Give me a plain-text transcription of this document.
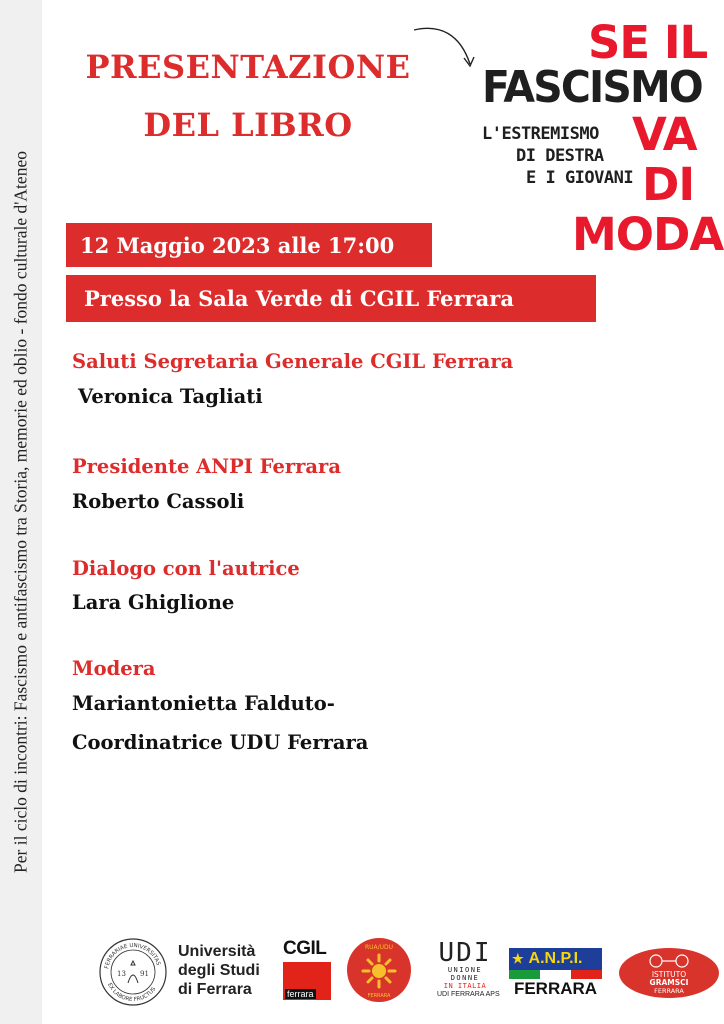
Per il ciclo di incontri: Fascismo e antifascismo tra Storia, memorie ed oblio - fondo culturale d'Ateneo
PRESENTAZIONE
DEL LIBRO
SE IL
FASCISMO
L'ESTREMISMO
DI DESTRA
E I GIOVANI
VA
DI
MODA
12 Maggio 2023 alle 17:00
Presso la Sala Verde di CGIL Ferrara
Saluti Segretaria Generale CGIL Ferrara
Veronica Tagliati
Presidente ANPI Ferrara
Roberto Cassoli
Dialogo con l'autrice
Lara Ghiglione
Modera
Mariantonietta Falduto-
Coordinatrice UDU Ferrara
FERRARIAE UNIVERSITAS
EX LABORE FRUCTUS
13 91
Università
degli Studi
di Ferrara
CGIL
ferrara
RUA/UDU
FERRARA
UDI
UNIONE
DONNE
IN ITALIA
UDI FERRARA APS
★ A.N.P.I.
FERRARA
ISTITUTO
GRAMSCI
FERRARA
